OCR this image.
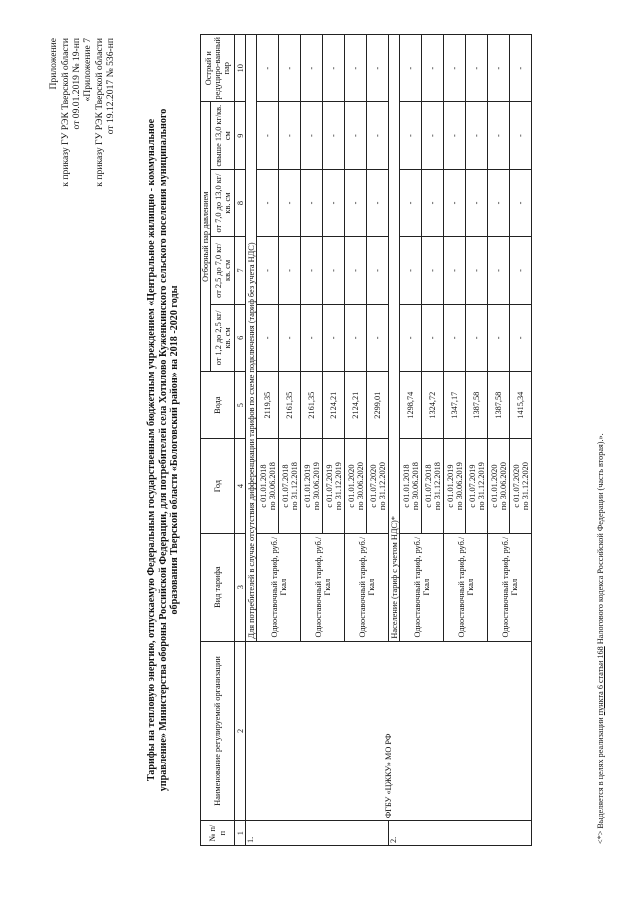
Приложение к приказу ГУ РЭК Тверской области от 09.01.2019 № 19-нп «Приложение 7 к приказу ГУ РЭК Тверской области от 19.12.2017 № 536-нп
Тарифы на тепловую энергию, отпускаемую Федеральным государственным бюджетным учреждением «Центральное жилищно - коммунальное управление» Министерства обороны Российской Федерации, для потребителей села Хотилово Куженкинского сельского поселения муниципального образования Тверской области «Бологовский район» на 2018 -2020 годы
№ п/ п	Наименование регулируемой организации	Вид тарифа	Год	Вода	Отборный пар давлением				Острый и редуциро-ванный пар
					от 1,2 до 2,5 кг/кв. см	от 2,5 до 7,0 кг/кв. см	от 7,0 до 13,0 кг/кв. см	свыше 13,0 кг/кв. см	
1	2	3	4	5	6	7	8	9	10
1.	ФГБУ «ЦЖКУ» МО РФ	Для потребителей в случае отсутствия дифференциации тарифов по схеме подключения (тариф без учета НДС)							
		Одноставочный тариф, руб./Гкал	с 01.01.2018 по 30.06.2018	2119,35	-	-	-	-	-

			с 01.07.2018 по 31.12.2018	2161,35	-	-	-	-	-
		Одноставочный тариф, руб./Гкал	с 01.01.2019 по 30.06.2019	2161,35	-	-	-	-	-

			с 01.07.2019 по 31.12.2019	2124,21	-	-	-	-	-
		Одноставочный тариф, руб./Гкал	с 01.01.2020 по 30.06.2020	2124,21	-	-	-	-	-

			с 01.07.2020 по 31.12.2020	2299,01	-	-	-	-	-
2.		Население (тариф с учетом НДС)*							
		Одноставочный тариф, руб./Гкал	с 01.01.2018 по 30.06.2018	1298,74	-	-	-	-	-

			с 01.07.2018 по 31.12.2018	1324,72	-	-	-	-	-
		Одноставочный тариф, руб./Гкал	с 01.01.2019 по 30.06.2019	1347,17	-	-	-	-	-

			с 01.07.2019 по 31.12.2019	1387,58	-	-	-	-	-
		Одноставочный тариф, руб./Гкал	с 01.01.2020 по 30.06.2020	1387,58	-	-	-	-	-

			с 01.07.2020 по 31.12.2020	1415,34	-	-	-	-	-
<*> Выделяется в целях реализации пункта 6 статьи 168 Налогового кодекса Российской Федерации (часть вторая).».
